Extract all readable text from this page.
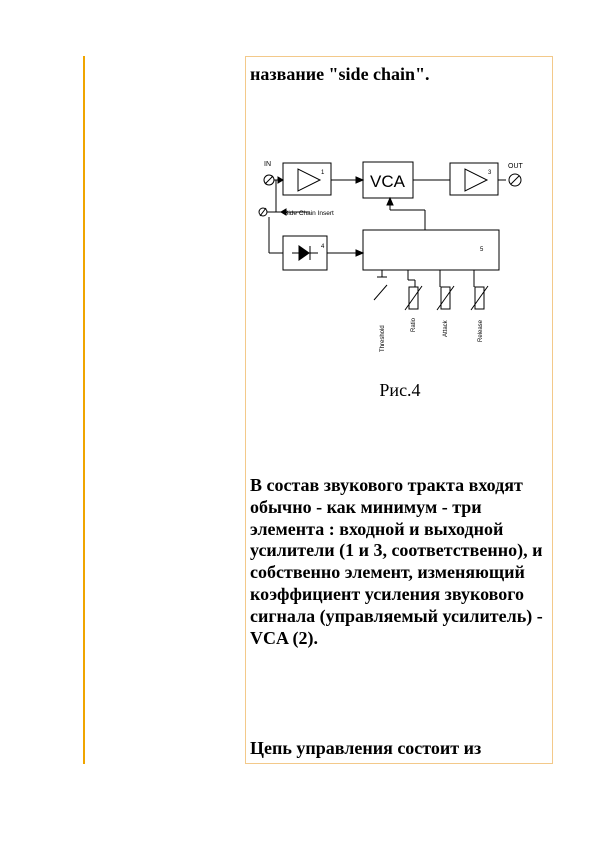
название "side chain".
IN	OUT
VCA
1	3
4	5
Side Chain Insert
Threshold
Ratio	Attack	Release
Рис.4
В состав звукового тракта входят обычно - как минимум - три элемента : входной и выходной усилители (1 и 3, соответственно), и собственно элемент, изменяющий коэффициент усиления звукового сигнала (управляемый усилитель) - VCA (2).
Цепь управления состоит из
